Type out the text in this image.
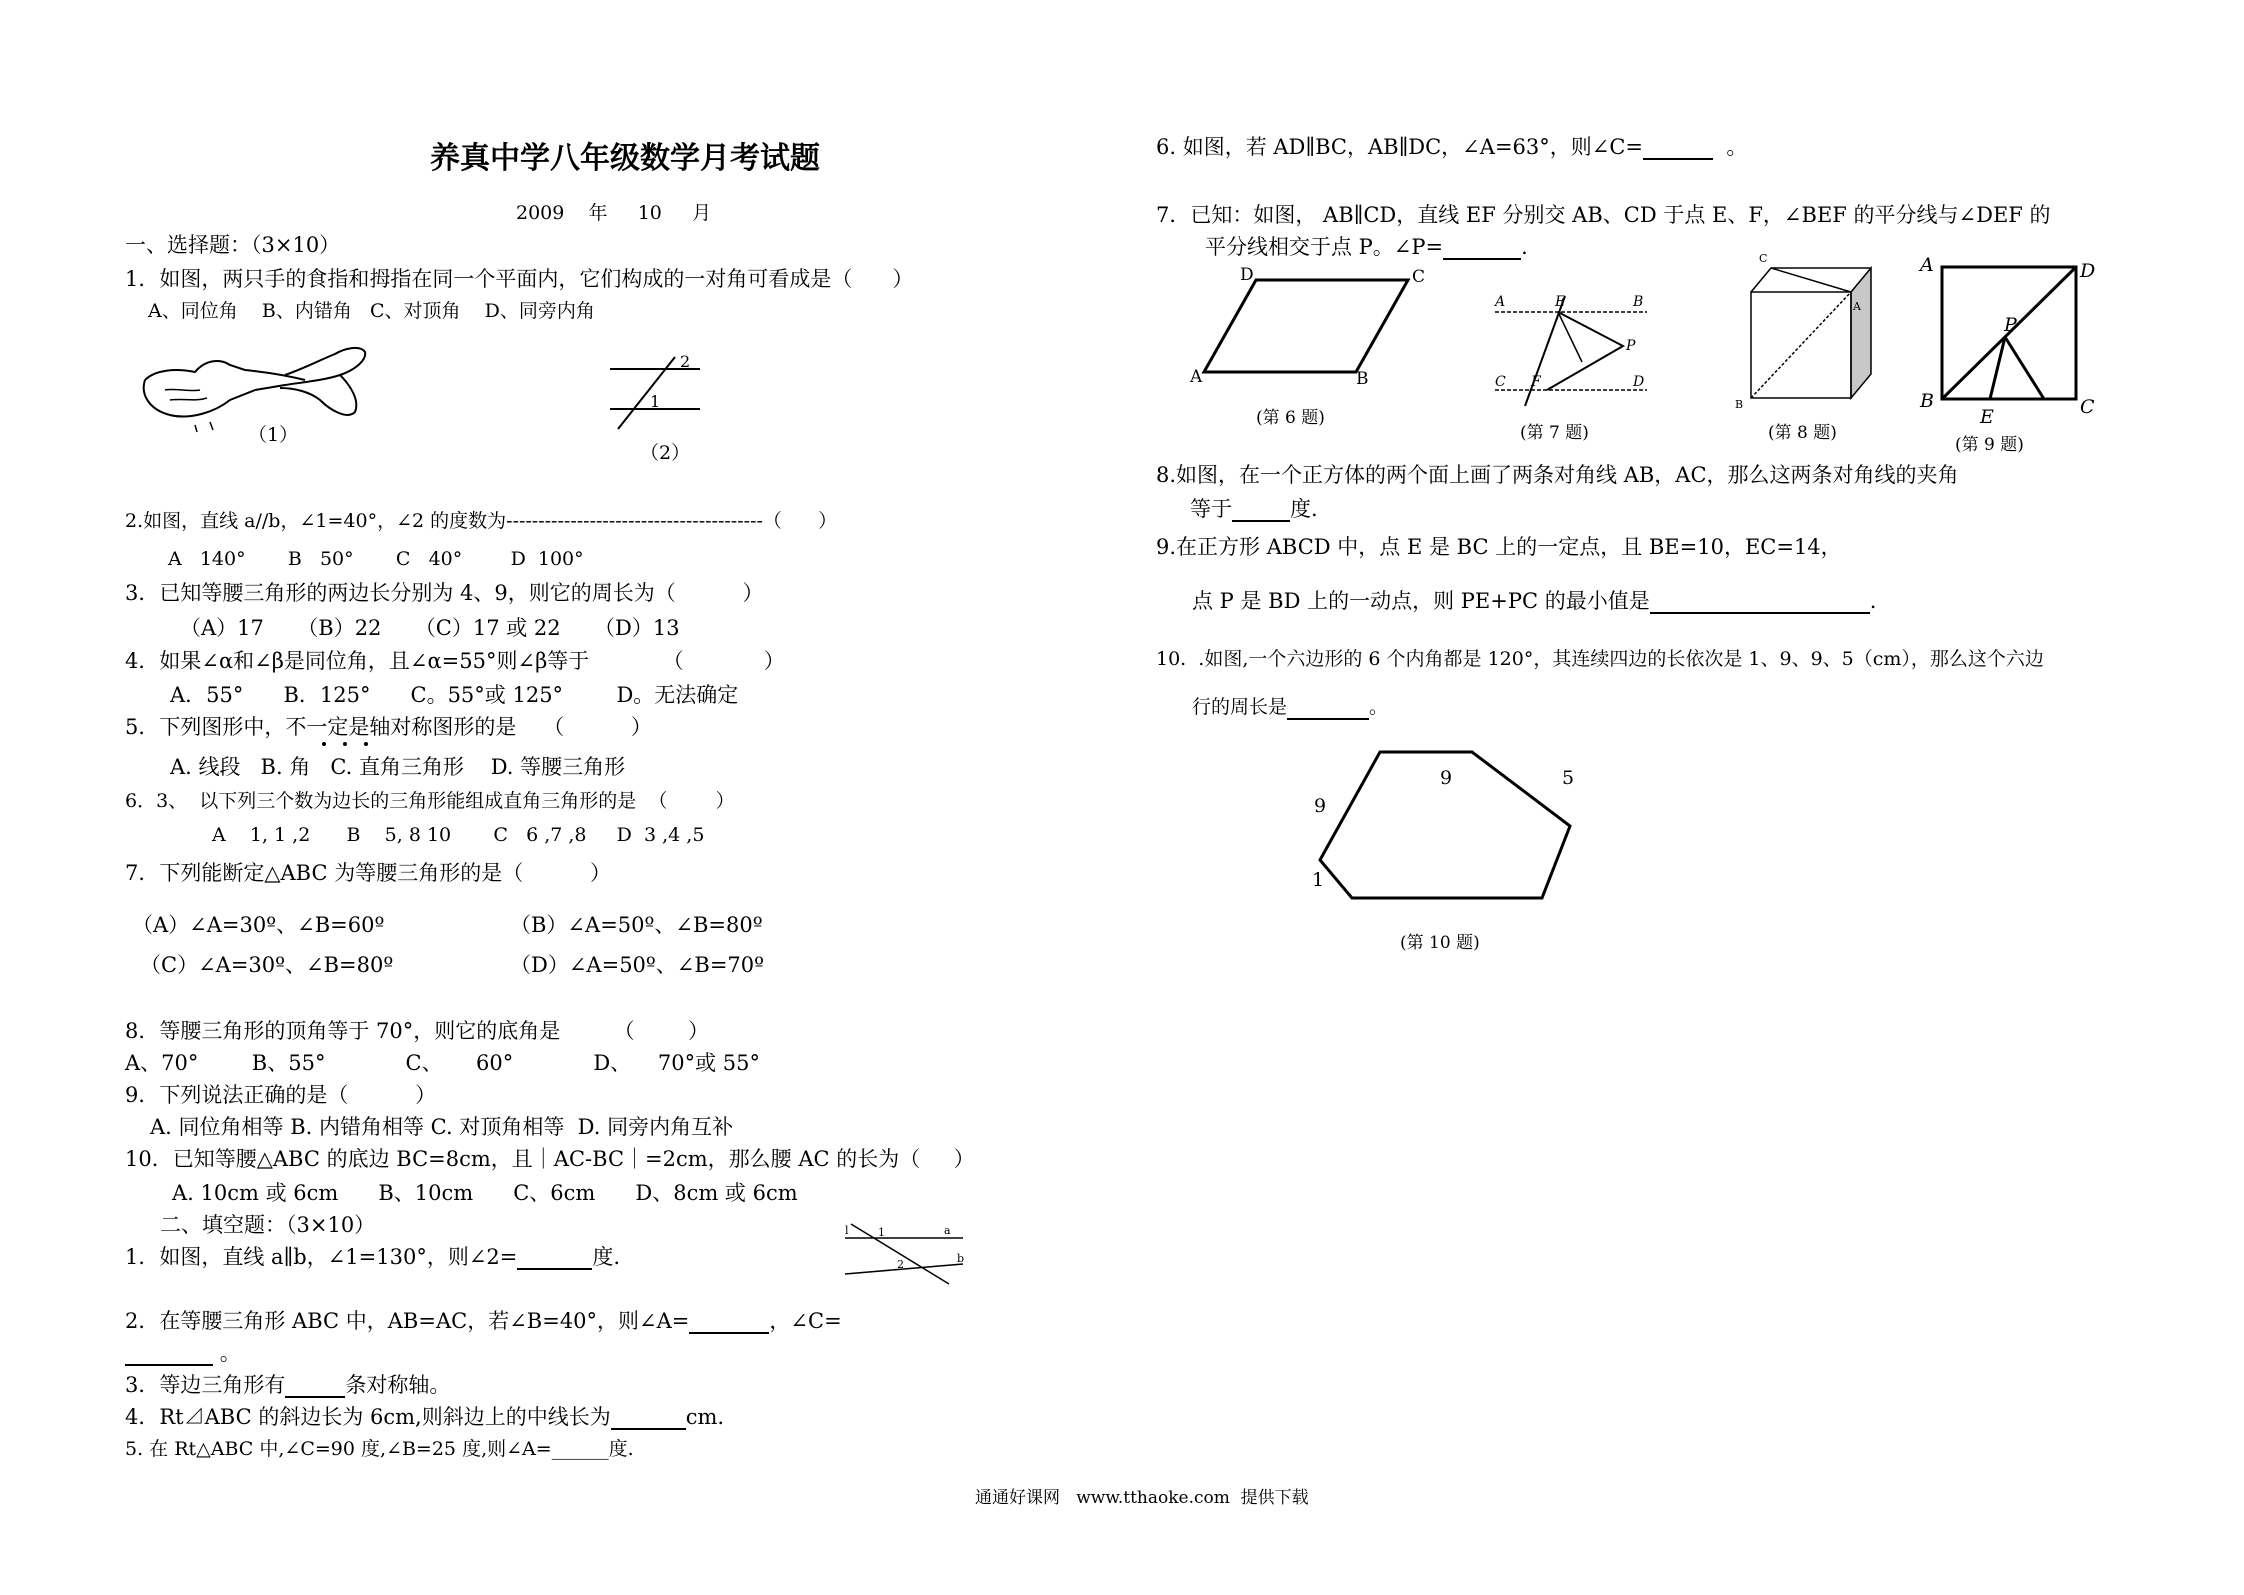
养真中学八年级数学月考试题
2009    年     10     月
一、选择题：（3×10）
1．如图，两只手的食指和拇指在同一个平面内，它们构成的一对角可看成是（      ）
A、同位角    B、内错角   C、对顶角    D、同旁内角
（1）
2
1
（2）
2.如图，直线 a//b，∠1=40°，∠2 的度数为----------------------------------------（      ）
A   140°       B   50°       C   40°        D  100°
3．已知等腰三角形的两边长分别为 4、9，则它的周长为（          ）
（A）17     （B）22     （C）17 或 22     （D）13
4．如果∠α和∠β是同位角，且∠α=55°则∠β等于           （            ）
A．55°      B．125°      C。55°或 125°        D。无法确定
5．下列图形中，不一定是轴对称图形的是    （          ）
A. 线段   B. 角   C. 直角三角形    D. 等腰三角形
6．3、  以下列三个数为边长的三角形能组成直角三角形的是  （        ）
A    1, 1 ,2      B    5, 8 10       C   6 ,7 ,8     D  3 ,4 ,5
7．下列能断定△ABC 为等腰三角形的是（          ）
（A）∠A=30º、∠B=60º	（B）∠A=50º、∠B=80º
（C）∠A=30º、∠B=80º	（D）∠A=50º、∠B=70º
8．等腰三角形的顶角等于 70°，则它的底角是        （        ）
A、70°        B、55°            C、     60°            D、    70°或 55°
9．下列说法正确的是（          ）
A. 同位角相等 B. 内错角相等 C. 对顶角相等  D. 同旁内角互补
10．已知等腰△ABC 的底边 BC=8cm，且｜AC-BC｜=2cm，那么腰 AC 的长为（     ）
A. 10cm 或 6cm      B、10cm      C、6cm      D、8cm 或 6cm
二、填空题：（3×10）
1．如图，直线 a∥b，∠1=130°，则∠2=	度.
l	1	a
2	b
2．在等腰三角形 ABC 中，AB=AC，若∠B=40°，则∠A=	，∠C=
。
3．等边三角形有	条对称轴。
4．Rt⊿ABC 的斜边长为 6cm,则斜边上的中线长为	cm.
5. 在 Rt△ABC 中,∠C=90 度,∠B=25 度,则∠A=______度.
通通好课网   www.tthaoke.com  提供下载
6. 如图，若 AD∥BC，AB∥DC，∠A=63°，则∠C=	。
7．已知：如图， AB∥CD，直线 EF 分别交 AB、CD 于点 E、F，∠BEF 的平分线与∠DEF 的
平分线相交于点 P。∠P=	.
D	C
A	B
(第 6 题)
A	E	B
P
C F	D
(第 7 题)
C
A
B
(第 8 题)
A	D
P
B
E	C
(第 9 题)
8.如图，在一个正方体的两个面上画了两条对角线 AB，AC，那么这两条对角线的夹角
等于	度.
9.在正方形 ABCD 中，点 E 是 BC 上的一定点，且 BE=10，EC=14，
点 P 是 BD 上的一动点，则 PE+PC 的最小值是	.
10.  .如图,一个六边形的 6 个内角都是 120°，其连续四边的长依次是 1、9、9、5（cm），那么这个六边
行的周长是	。
9
9
5
1
(第 10 题)
